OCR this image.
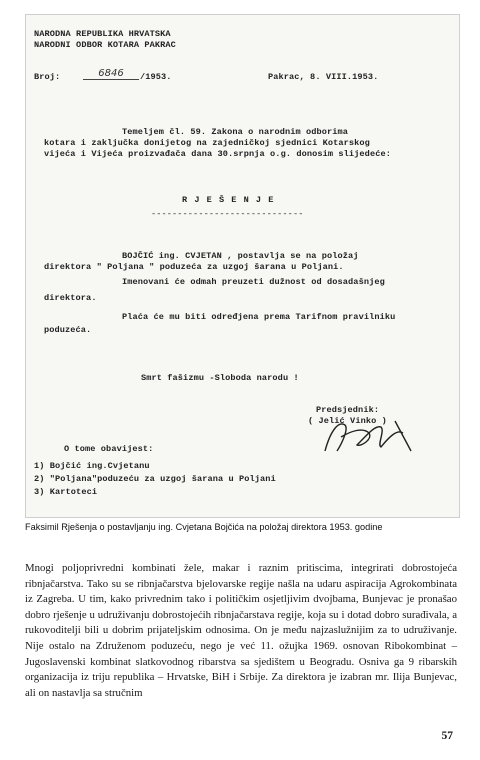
NARODNA REPUBLIKA HRVATSKA
NARODNI ODBOR KOTARA PAKRAC
Broj:	6846	/1953.	Pakrac, 8. VIII.1953.
Temeljem čl. 59. Zakona o narodnim odborima
kotara i zaključka donijetog na zajedničkoj sjednici Kotarskog
vijeća i Vijeća proizvađača dana 30.srpnja o.g. donosim slijedeće:
R J E Š E N J E
-----------------------------
BOJČIĆ ing. CVJETAN , postavlja se na položaj
direktora " Poljana " poduzeća za uzgoj šarana u Poljani.
Imenovani će odmah preuzeti dužnost od dosadašnjeg
direktora.
Plaća će mu biti određjena prema Tarifnom pravilniku
poduzeća.
Smrt fašizmu -Sloboda narodu !
Predsjednik:
( Jelić Vinko )
O tome obavijest:
1) Bojčić ing.Cvjetanu
2) "Poljana"poduzeću za uzgoj šarana u Poljani
3) Kartoteci
Faksimil Rješenja o postavljanju ing. Cvjetana Bojčića na položaj direktora 1953. godine

Mnogi poljoprivredni kombinati žele, makar i raznim pritiscima, integrirati dobrostojeća ribnjačarstva. Tako su se ribnjačarstva bjelovarske regije našla na udaru aspiracija Agrokombinata iz Zagreba. U tim, kako privrednim tako i političkim osjetljivim dvojbama, Bunjevac je pronašao dobro rješenje u udruživanju dobrostojećih ribnjačarstava regije, koja su i dotad dobro surađivala, a rukovoditelji bili u dobrim prijateljskim odnosima. On je među najzaslužnijim za to udruživanje. Nije ostalo na Združenom poduzeću, nego je već 11. ožujka 1969. osnovan Ribokombinat – Jugoslavenski kombinat slatkovodnog ribarstva sa sjedištem u Beogradu. Osniva ga 9 ribarskih organizacija iz triju republika – Hrvatske, BiH i Srbije. Za direktora je izabran mr. Ilija Bunjevac, ali on nastavlja sa stručnim

57
